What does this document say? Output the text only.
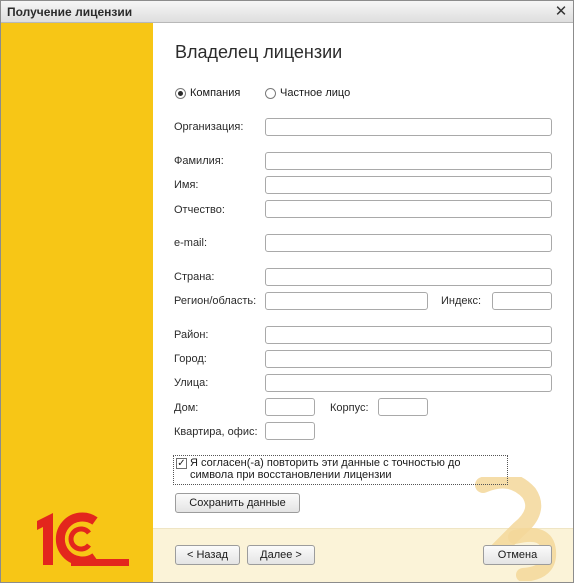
Получение лицензии	✕
Владелец лицензии
Компания	Частное лицо
Организация:
Фамилия:
Имя:
Отчество:
e-mail:
Страна:
Регион/область:	Индекс:
Район:
Город:
Улица:
Дом:	Корпус:
Квартира, офис:
✓ Я согласен(-а) повторить эти данные с точностью до символа при восстановлении лицензии
Сохранить данные
< Назад	Далее >	Отмена
